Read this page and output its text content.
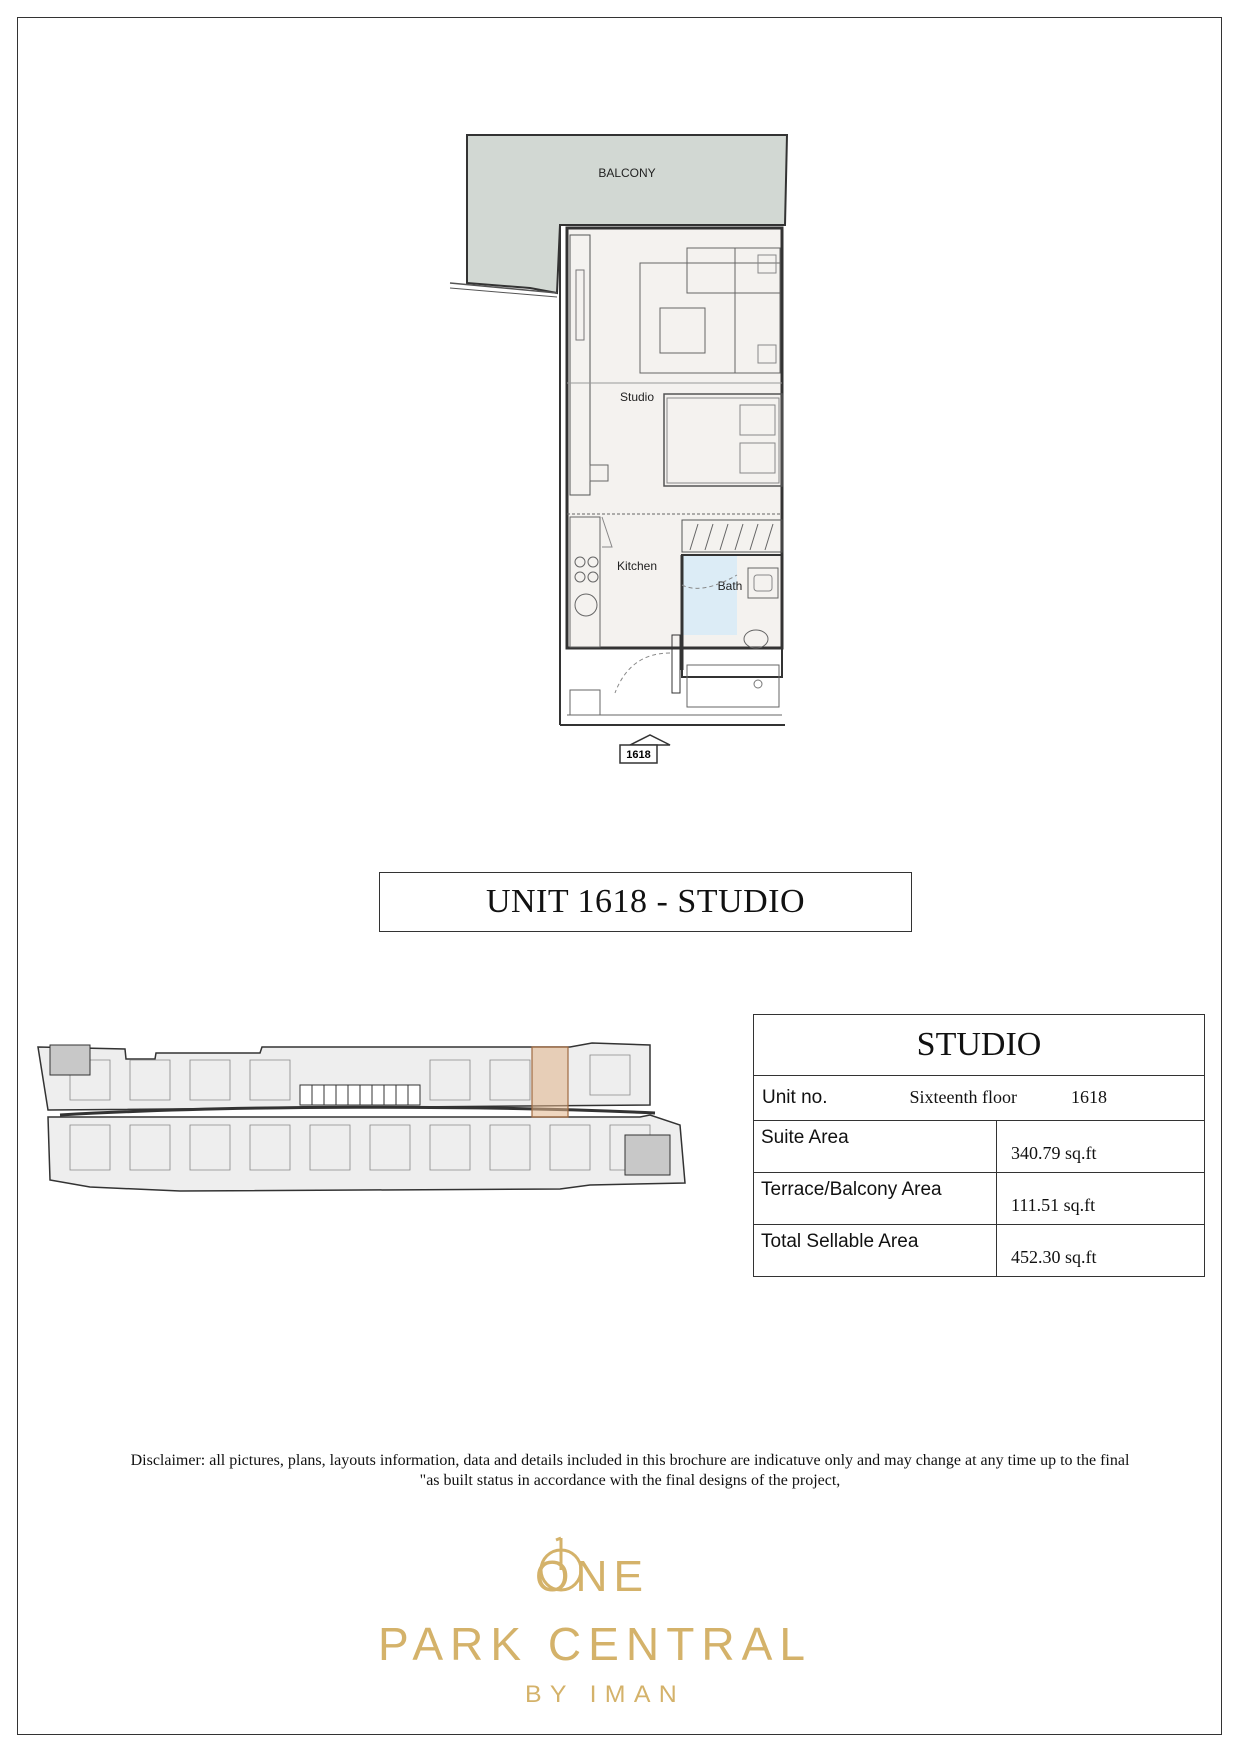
BALCONY
Studio
Kitchen
Bath
1618
UNIT 1618 - STUDIO
STUDIO	
Unit no. Sixteenth floor 1618	
Suite Area	340.79 sq.ft
Terrace/Balcony Area	111.51 sq.ft
Total Sellable Area	452.30 sq.ft
Disclaimer: all pictures, plans, layouts information, data and details included in this brochure are indicatuve only and may change at any time up to the final
"as built status in accordance with the final designs of the project,
ONE
PARK CENTRAL
BY IMAN
